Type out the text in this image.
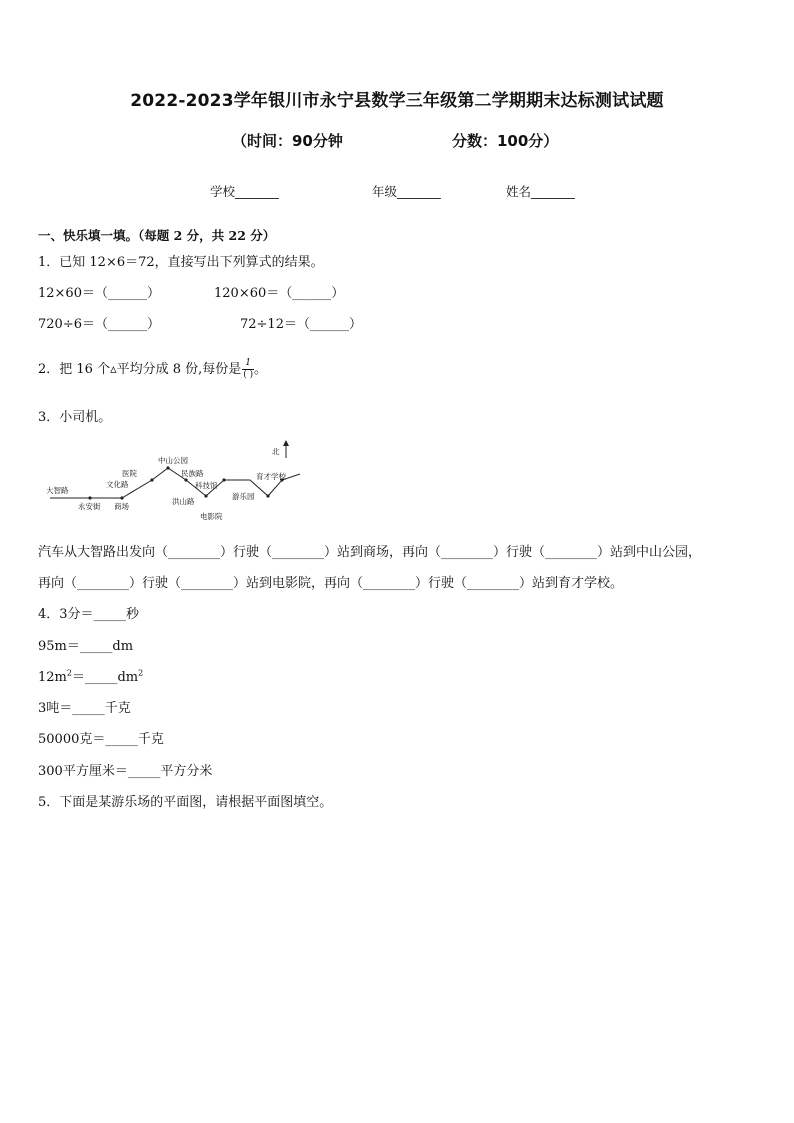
2022-2023学年银川市永宁县数学三年级第二学期期末达标测试试题
（时间：90分钟	分数：100分）
学校_______	年级_______	姓名_______
一、快乐填一填。（每题 2 分，共 22 分）
1．已知 12×6＝72，直接写出下列算式的结果。
12×60＝（______）	120×60＝（______）
720÷6＝（______）	72÷12＝（______）
2．把 16 个▵平均分成 8 份,每份是 $\frac{1}{( )}$ 。
3．小司机。
北
大智路
永安街 商场
文化路
医院
中山公园
民族路
科技馆
洪山路
电影院
游乐园
育才学校
汽车从大智路出发向（________）行驶（________）站到商场，再向（________）行驶（________）站到中山公园，
再向（________）行驶（________）站到电影院，再向（________）行驶（________）站到育才学校。
4．3分＝_____秒
95m＝_____dm
$12m^2=\_\_\_\_\_dm^2$
3吨＝_____千克
50000克＝_____千克
300平方厘米＝_____平方分米
5．下面是某游乐场的平面图，请根据平面图填空。
